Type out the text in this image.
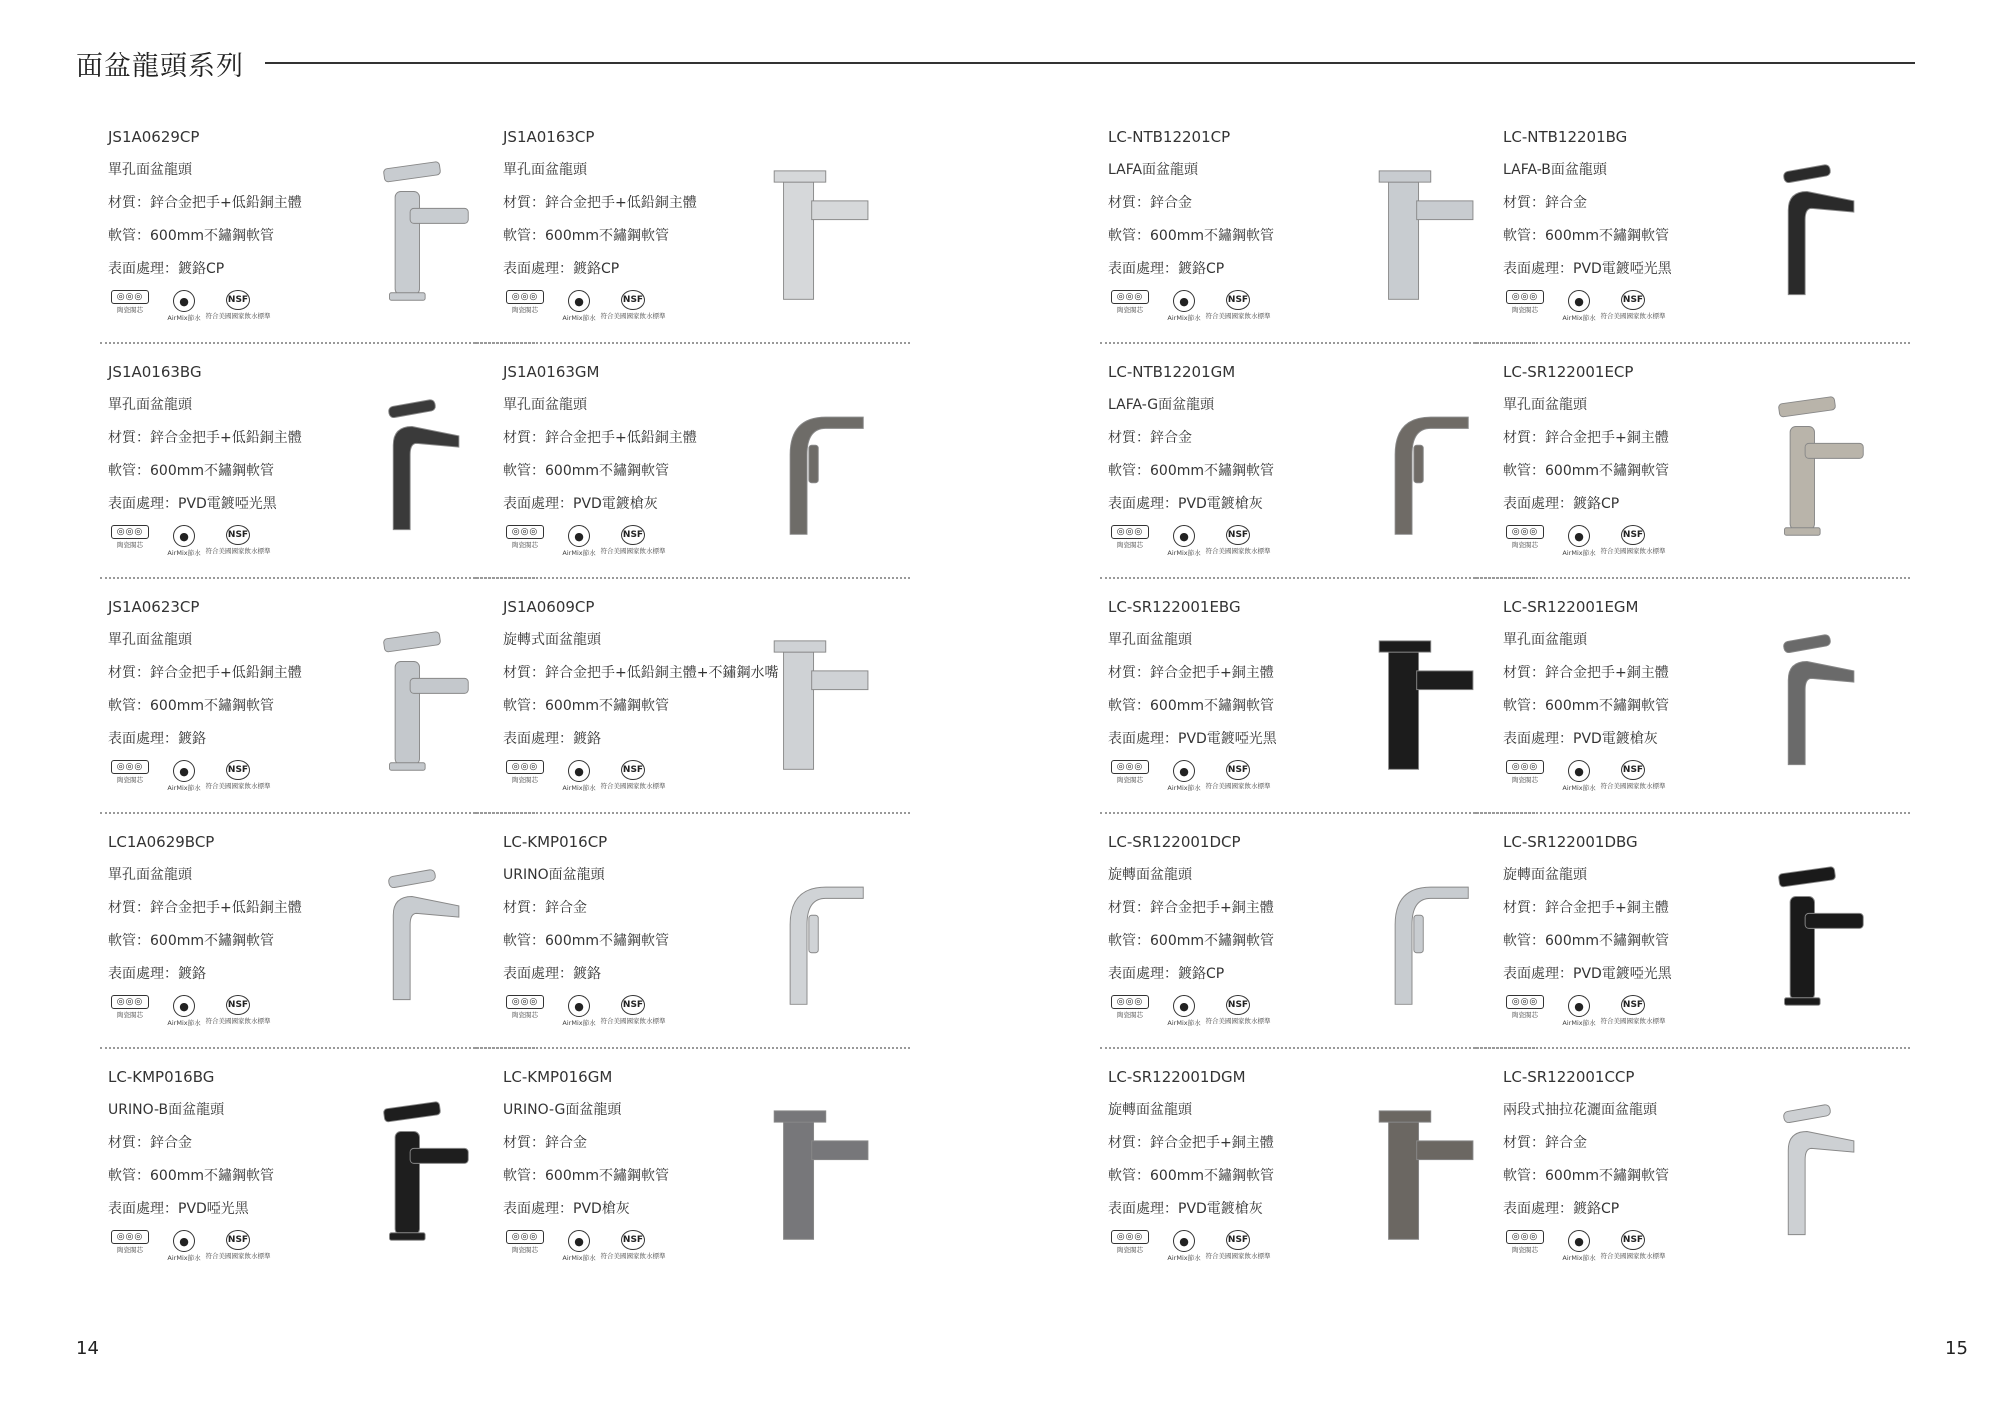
面盆龍頭系列
JS1A0629CP
單孔面盆龍頭
材質：鋅合金把手+低鉛銅主體
軟管：600mm不鏽鋼軟管
表面處理：鍍鉻CP
◎◎◎
陶瓷閥芯
●
AirMix節水
NSF
符合美國國家飲水標準
JS1A0163CP
單孔面盆龍頭
材質：鋅合金把手+低鉛銅主體
軟管：600mm不鏽鋼軟管
表面處理：鍍鉻CP
◎◎◎
陶瓷閥芯
●
AirMix節水
NSF
符合美國國家飲水標準
JS1A0163BG
單孔面盆龍頭
材質：鋅合金把手+低鉛銅主體
軟管：600mm不鏽鋼軟管
表面處理：PVD電鍍啞光黑
◎◎◎
陶瓷閥芯
●
AirMix節水
NSF
符合美國國家飲水標準
JS1A0163GM
單孔面盆龍頭
材質：鋅合金把手+低鉛銅主體
軟管：600mm不鏽鋼軟管
表面處理：PVD電鍍槍灰
◎◎◎
陶瓷閥芯
●
AirMix節水
NSF
符合美國國家飲水標準
JS1A0623CP
單孔面盆龍頭
材質：鋅合金把手+低鉛銅主體
軟管：600mm不鏽鋼軟管
表面處理：鍍鉻
◎◎◎
陶瓷閥芯
●
AirMix節水
NSF
符合美國國家飲水標準
JS1A0609CP
旋轉式面盆龍頭
材質：鋅合金把手+低鉛銅主體+不鏽鋼水嘴
軟管：600mm不鏽鋼軟管
表面處理：鍍鉻
◎◎◎
陶瓷閥芯
●
AirMix節水
NSF
符合美國國家飲水標準
LC1A0629BCP
單孔面盆龍頭
材質：鋅合金把手+低鉛銅主體
軟管：600mm不鏽鋼軟管
表面處理：鍍鉻
◎◎◎
陶瓷閥芯
●
AirMix節水
NSF
符合美國國家飲水標準
LC-KMP016CP
URINO面盆龍頭
材質：鋅合金
軟管：600mm不鏽鋼軟管
表面處理：鍍鉻
◎◎◎
陶瓷閥芯
●
AirMix節水
NSF
符合美國國家飲水標準
LC-KMP016BG
URINO-B面盆龍頭
材質：鋅合金
軟管：600mm不鏽鋼軟管
表面處理：PVD啞光黑
◎◎◎
陶瓷閥芯
●
AirMix節水
NSF
符合美國國家飲水標準
LC-KMP016GM
URINO-G面盆龍頭
材質：鋅合金
軟管：600mm不鏽鋼軟管
表面處理：PVD槍灰
◎◎◎
陶瓷閥芯
●
AirMix節水
NSF
符合美國國家飲水標準
LC-NTB12201CP
LAFA面盆龍頭
材質：鋅合金
軟管：600mm不鏽鋼軟管
表面處理：鍍鉻CP
◎◎◎
陶瓷閥芯
●
AirMix節水
NSF
符合美國國家飲水標準
LC-NTB12201BG
LAFA-B面盆龍頭
材質：鋅合金
軟管：600mm不鏽鋼軟管
表面處理：PVD電鍍啞光黑
◎◎◎
陶瓷閥芯
●
AirMix節水
NSF
符合美國國家飲水標準
LC-NTB12201GM
LAFA-G面盆龍頭
材質：鋅合金
軟管：600mm不鏽鋼軟管
表面處理：PVD電鍍槍灰
◎◎◎
陶瓷閥芯
●
AirMix節水
NSF
符合美國國家飲水標準
LC-SR122001ECP
單孔面盆龍頭
材質：鋅合金把手+銅主體
軟管：600mm不鏽鋼軟管
表面處理：鍍鉻CP
◎◎◎
陶瓷閥芯
●
AirMix節水
NSF
符合美國國家飲水標準
LC-SR122001EBG
單孔面盆龍頭
材質：鋅合金把手+銅主體
軟管：600mm不鏽鋼軟管
表面處理：PVD電鍍啞光黑
◎◎◎
陶瓷閥芯
●
AirMix節水
NSF
符合美國國家飲水標準
LC-SR122001EGM
單孔面盆龍頭
材質：鋅合金把手+銅主體
軟管：600mm不鏽鋼軟管
表面處理：PVD電鍍槍灰
◎◎◎
陶瓷閥芯
●
AirMix節水
NSF
符合美國國家飲水標準
LC-SR122001DCP
旋轉面盆龍頭
材質：鋅合金把手+銅主體
軟管：600mm不鏽鋼軟管
表面處理：鍍鉻CP
◎◎◎
陶瓷閥芯
●
AirMix節水
NSF
符合美國國家飲水標準
LC-SR122001DBG
旋轉面盆龍頭
材質：鋅合金把手+銅主體
軟管：600mm不鏽鋼軟管
表面處理：PVD電鍍啞光黑
◎◎◎
陶瓷閥芯
●
AirMix節水
NSF
符合美國國家飲水標準
LC-SR122001DGM
旋轉面盆龍頭
材質：鋅合金把手+銅主體
軟管：600mm不鏽鋼軟管
表面處理：PVD電鍍槍灰
◎◎◎
陶瓷閥芯
●
AirMix節水
NSF
符合美國國家飲水標準
LC-SR122001CCP
兩段式抽拉花灑面盆龍頭
材質：鋅合金
軟管：600mm不鏽鋼軟管
表面處理：鍍鉻CP
◎◎◎
陶瓷閥芯
●
AirMix節水
NSF
符合美國國家飲水標準
14	15
